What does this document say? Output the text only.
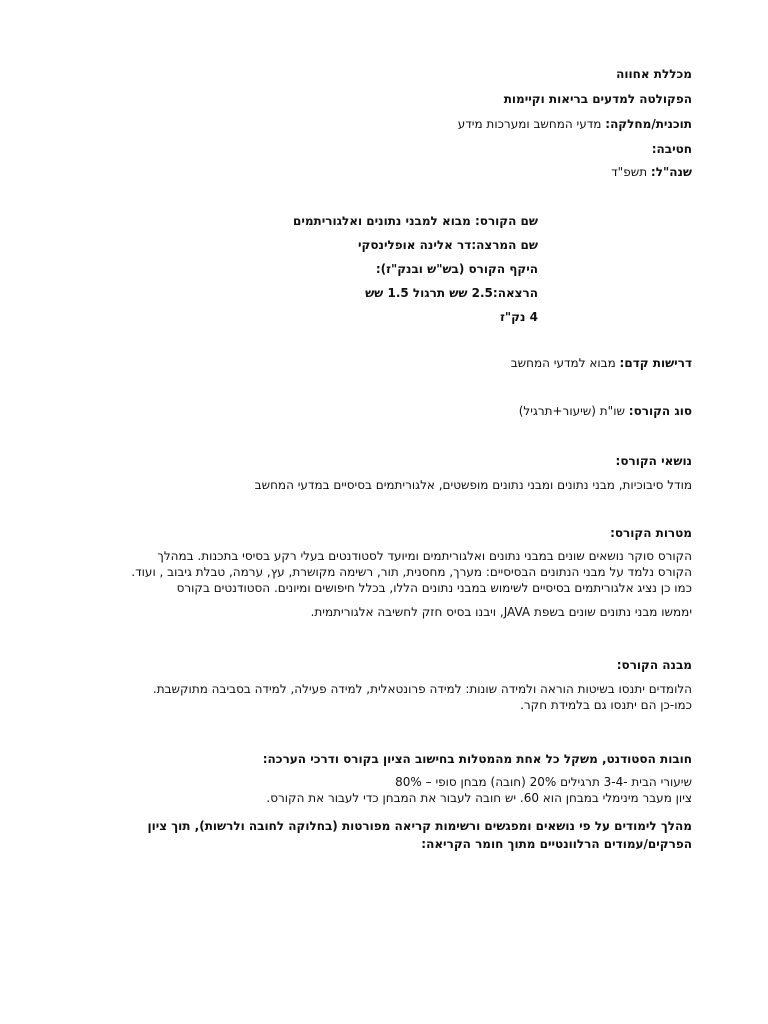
מכללת אחווה
הפקולטה למדעים בריאות וקיימות
תוכנית/מחלקה: מדעי המחשב ומערכות מידע
חטיבה:
שנה"ל: תשפ"ד
שם הקורס: מבוא למבני נתונים ואלגוריתמים
שם המרצה:דר אלינה אופלינסקי
היקף הקורס (בש"ש ובנק"ז):
הרצאה:2.5 שש תרגול 1.5 שש
4 נק"ז
דרישות קדם: מבוא למדעי המחשב
סוג הקורס: שו"ת (שיעור+תרגיל)
נושאי הקורס:
מודל סיבוכיות, מבני נתונים ומבני נתונים מופשטים, אלגוריתמים בסיסיים במדעי המחשב
מטרות הקורס:
הקורס סוקר נושאים שונים במבני נתונים ואלגוריתמים ומיועד לסטודנטים בעלי רקע בסיסי בתכנות. במהלך
הקורס נלמד על מבני הנתונים הבסיסיים: מערך, מחסנית, תור, רשימה מקושרת, עץ, ערמה, טבלת גיבוב , ועוד.
כמו כן נציג אלגוריתמים בסיסיים לשימוש במבני נתונים הללו, בכלל חיפושים ומיונים. הסטודנטים בקורס
יממשו מבני נתונים שונים בשפת JAVA, ויבנו בסיס חזק לחשיבה אלגוריתמית.
מבנה הקורס:
הלומדים יתנסו בשיטות הוראה ולמידה שונות: למידה פרונטאלית, למידה פעילה, למידה בסביבה מתוקשבת.
כמו-כן הם יתנסו גם בלמידת חקר.
חובות הסטודנט, משקל כל אחת מהמטלות בחישוב הציון בקורס ודרכי הערכה:
שיעורי הבית -3-4 תרגילים 20% (חובה) מבחן סופי – 80%
ציון מעבר מינימלי במבחן הוא 60. יש חובה לעבור את המבחן כדי לעבור את הקורס.
מהלך לימודים על פי נושאים ומפגשים ורשימות קריאה מפורטות (בחלוקה לחובה ולרשות), תוך ציון
הפרקים/עמודים הרלוונטיים מתוך חומר הקריאה:
